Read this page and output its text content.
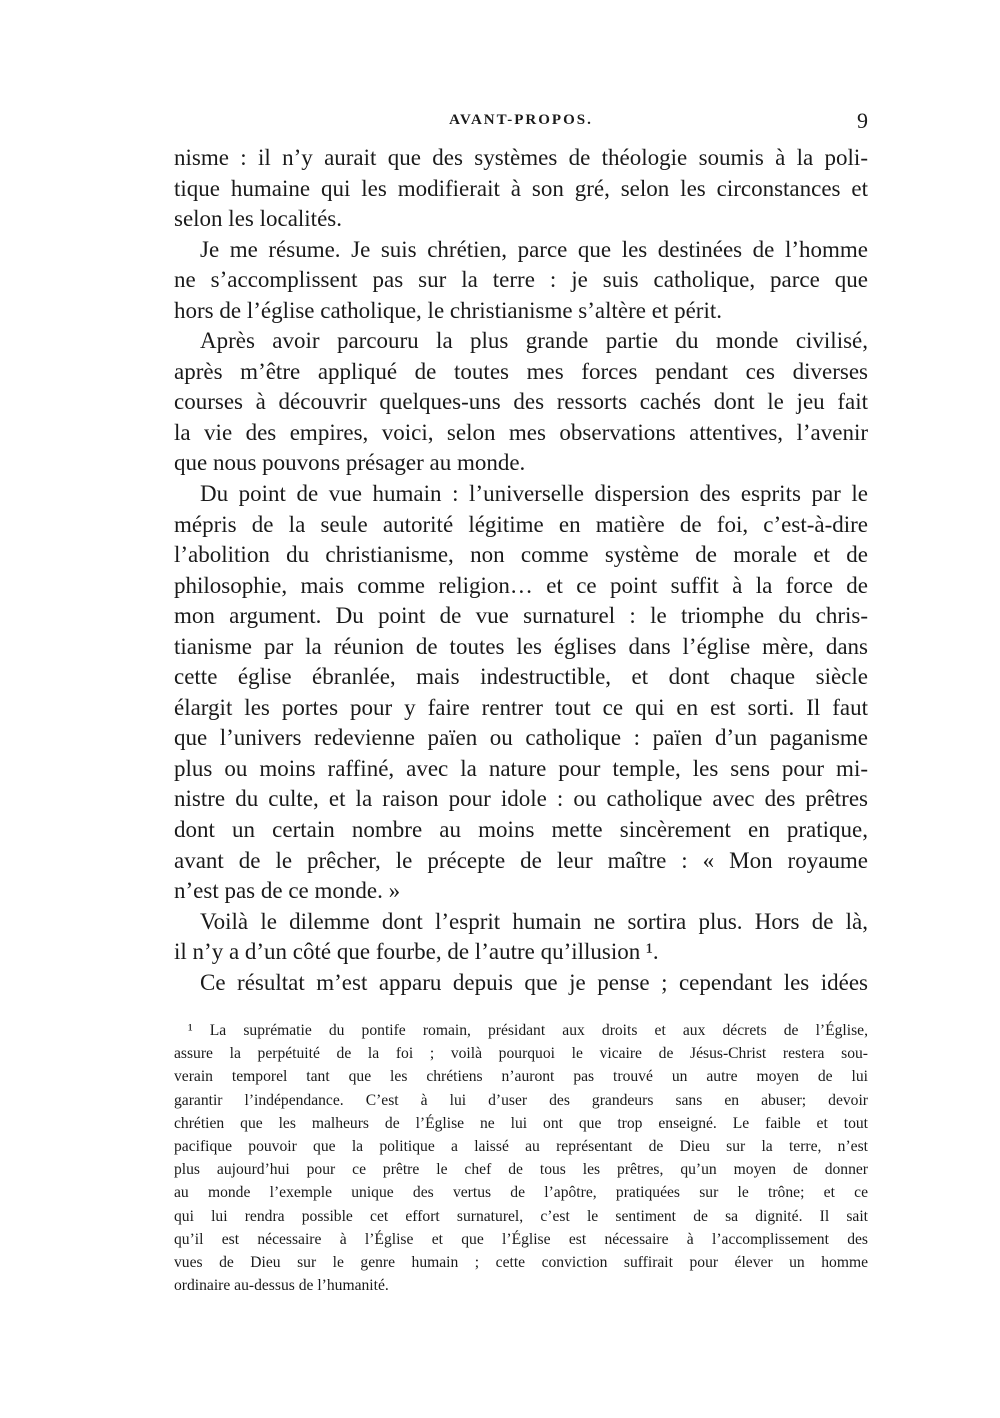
AVANT-PROPOS.	9
nisme : il n’y aurait que des systèmes de théologie soumis à la poli-
tique humaine qui les modifierait à son gré, selon les circonstances et
selon les localités.
Je me résume. Je suis chrétien, parce que les destinées de l’homme
ne s’accomplissent pas sur la terre : je suis catholique, parce que
hors de l’église catholique, le christianisme s’altère et périt.
Après avoir parcouru la plus grande partie du monde civilisé,
après m’être appliqué de toutes mes forces pendant ces diverses
courses à découvrir quelques-uns des ressorts cachés dont le jeu fait
la vie des empires, voici, selon mes observations attentives, l’avenir
que nous pouvons présager au monde.
Du point de vue humain : l’universelle dispersion des esprits par le
mépris de la seule autorité légitime en matière de foi, c’est-à-dire
l’abolition du christianisme, non comme système de morale et de
philosophie, mais comme religion… et ce point suffit à la force de
mon argument. Du point de vue surnaturel : le triomphe du chris-
tianisme par la réunion de toutes les églises dans l’église mère, dans
cette église ébranlée, mais indestructible, et dont chaque siècle
élargit les portes pour y faire rentrer tout ce qui en est sorti. Il faut
que l’univers redevienne païen ou catholique : païen d’un paganisme
plus ou moins raffiné, avec la nature pour temple, les sens pour mi-
nistre du culte, et la raison pour idole : ou catholique avec des prêtres
dont un certain nombre au moins mette sincèrement en pratique,
avant de le prêcher, le précepte de leur maître : « Mon royaume
n’est pas de ce monde. »
Voilà le dilemme dont l’esprit humain ne sortira plus. Hors de là,
il n’y a d’un côté que fourbe, de l’autre qu’illusion ¹.
Ce résultat m’est apparu depuis que je pense ; cependant les idées
¹ La suprématie du pontife romain, présidant aux droits et aux décrets de l’Église,
assure la perpétuité de la foi ; voilà pourquoi le vicaire de Jésus-Christ restera sou-
verain temporel tant que les chrétiens n’auront pas trouvé un autre moyen de lui
garantir l’indépendance. C’est à lui d’user des grandeurs sans en abuser; devoir
chrétien que les malheurs de l’Église ne lui ont que trop enseigné. Le faible et tout
pacifique pouvoir que la politique a laissé au représentant de Dieu sur la terre, n’est
plus aujourd’hui pour ce prêtre le chef de tous les prêtres, qu’un moyen de donner
au monde l’exemple unique des vertus de l’apôtre, pratiquées sur le trône; et ce
qui lui rendra possible cet effort surnaturel, c’est le sentiment de sa dignité. Il sait
qu’il est nécessaire à l’Église et que l’Église est nécessaire à l’accomplissement des
vues de Dieu sur le genre humain ; cette conviction suffirait pour élever un homme
ordinaire au-dessus de l’humanité.
